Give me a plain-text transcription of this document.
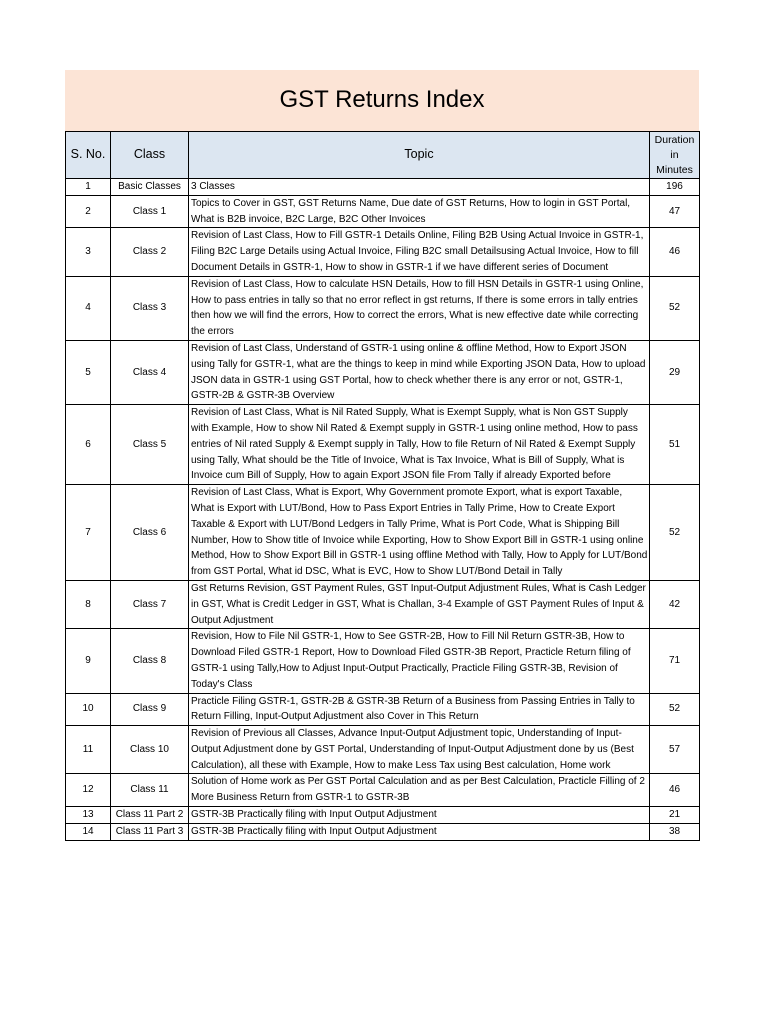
GST Returns Index
S. No.	Class	Topic	Duration in Minutes
1	Basic Classes	3 Classes	196
2	Class 1	Topics to Cover in GST, GST Returns Name, Due date of GST Returns, How to login in GST Portal, What is B2B invoice, B2C Large, B2C Other Invoices	47
3	Class 2	Revision of Last Class, How to Fill GSTR-1 Details Online, Filing B2B Using Actual Invoice in GSTR-1, Filing B2C Large Details using Actual Invoice, Filing B2C small Detailsusing Actual Invoice, How to fill Document Details in GSTR-1, How to show in GSTR-1 if we have different series of Document	46
4	Class 3	Revision of Last Class, How to calculate HSN Details, How to fill HSN Details in GSTR-1 using Online, How to pass entries in tally so that no error reflect in gst returns, If there is some errors in tally entries then how we will find the errors, How to correct the errors, What is new effective date while correcting the errors	52
5	Class 4	Revision of Last Class, Understand of GSTR-1 using online & offline Method, How to Export JSON using Tally for GSTR-1, what are the things to keep in mind while Exporting JSON Data, How to upload JSON data in GSTR-1 using GST Portal, how to check whether there is any error or not, GSTR-1, GSTR-2B & GSTR-3B Overview	29
6	Class 5	Revision of Last Class, What is Nil Rated Supply, What is Exempt Supply, what is Non GST Supply with Example, How to show Nil Rated & Exempt supply in GSTR-1 using online method, How to pass entries of Nil rated Supply & Exempt supply in Tally, How to file Return of Nil Rated & Exempt Supply using Tally, What should be the Title of Invoice, What is Tax Invoice, What is Bill of Supply, What is Invoice cum Bill of Supply, How to again Export JSON file From Tally if already Exported before	51
7	Class 6	Revision of Last Class, What is Export, Why Government promote Export, what is export Taxable, What is Export with LUT/Bond, How to Pass Export Entries in Tally Prime, How to Create Export Taxable & Export with LUT/Bond Ledgers in Tally Prime, What is Port Code, What is Shipping Bill Number, How to Show title of Invoice while Exporting, How to Show Export Bill in GSTR-1 using online Method, How to Show Export Bill in GSTR-1 using offline Method with Tally, How to Apply for LUT/Bond from GST Portal, What id DSC, What is EVC, How to Show LUT/Bond Detail in Tally	52
8	Class 7	Gst Returns Revision, GST Payment Rules, GST Input-Output Adjustment Rules, What is Cash Ledger in GST, What is Credit Ledger in GST, What is Challan, 3-4 Example of GST Payment Rules of Input & Output Adjustment	42
9	Class 8	Revision, How to File Nil GSTR-1, How to See GSTR-2B, How to Fill Nil Return GSTR-3B, How to Download Filed GSTR-1 Report, How to Download Filed GSTR-3B Report, Practicle Return filing of GSTR-1 using Tally,How to Adjust Input-Output Practically, Practicle Filing GSTR-3B, Revision of Today's Class	71
10	Class 9	Practicle Filing GSTR-1, GSTR-2B & GSTR-3B Return of a Business from Passing Entries in Tally to Return Filling, Input-Output Adjustment also Cover in This Return	52
11	Class 10	Revision of Previous all Classes, Advance Input-Output Adjustment topic, Understanding of Input-Output Adjustment done by GST Portal, Understanding of Input-Output Adjustment done by us (Best Calculation), all these with Example, How to make Less Tax using Best calculation, Home work	57
12	Class 11	Solution of Home work as Per GST Portal Calculation and as per Best Calculation, Practicle Filling of 2 More Business Return from GSTR-1 to GSTR-3B	46
13	Class 11 Part 2	GSTR-3B Practically filing with Input Output Adjustment	21
14	Class 11 Part 3	GSTR-3B Practically filing with Input Output Adjustment	38
